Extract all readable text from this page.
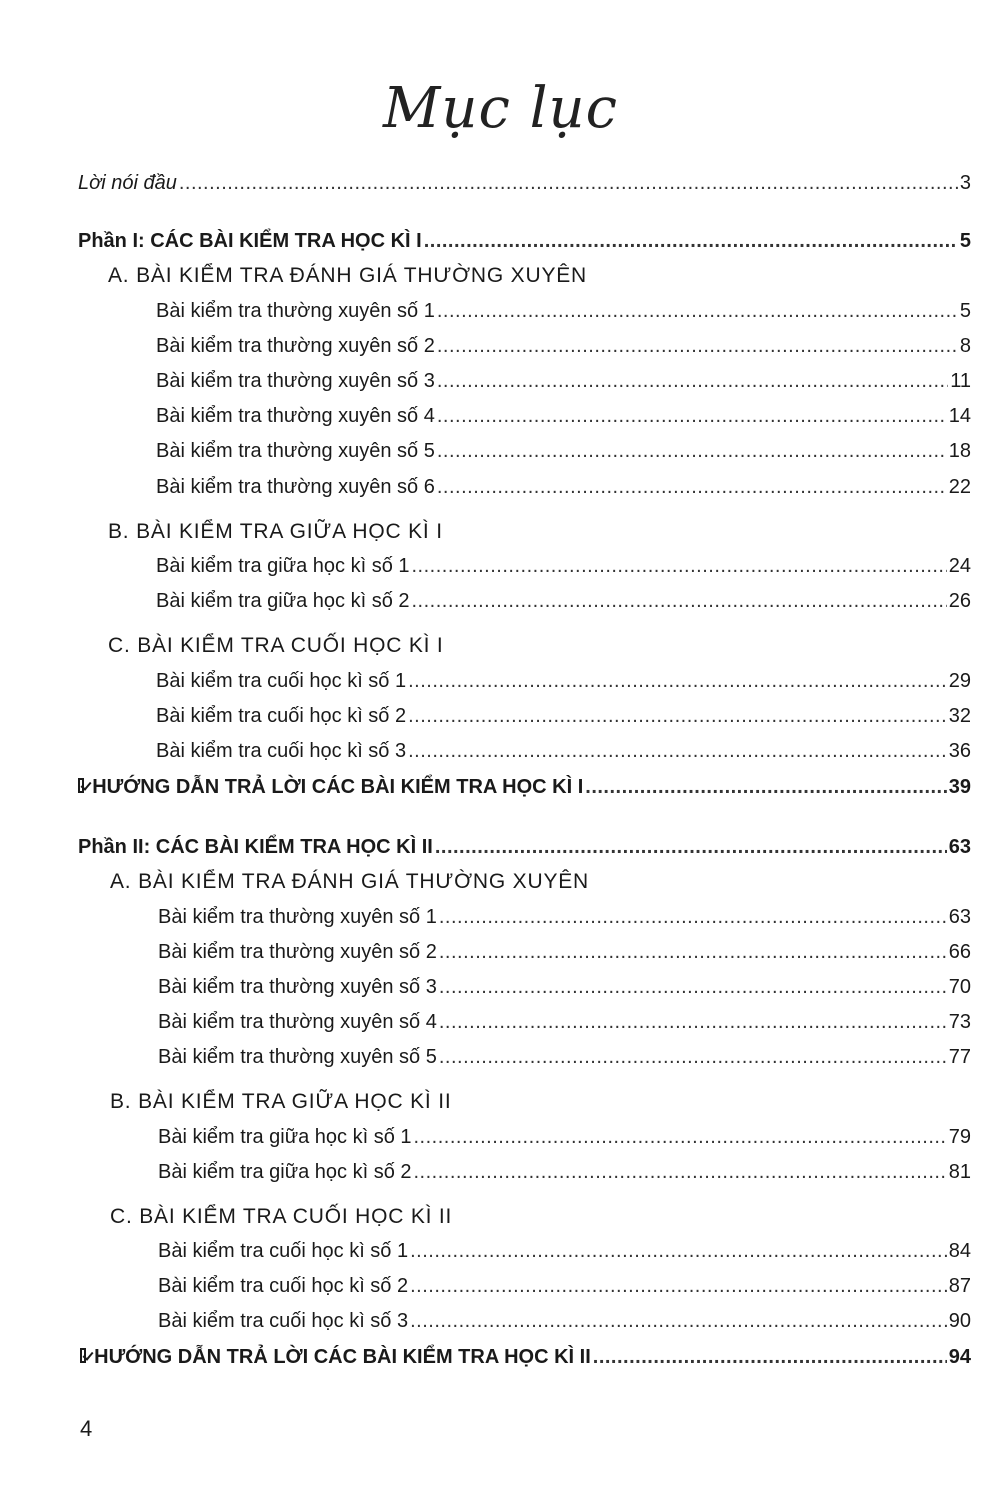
Mục lục
Lời nói đầu .....	3
Phần I: CÁC BÀI KIỂM TRA HỌC KÌ I .....	5
A. BÀI KIỂM TRA ĐÁNH GIÁ THƯỜNG XUYÊN
Bài kiểm tra thường xuyên số 1 .....	5
Bài kiểm tra thường xuyên số 2 .....	8
Bài kiểm tra thường xuyên số 3 .....	11
Bài kiểm tra thường xuyên số 4 .....	14
Bài kiểm tra thường xuyên số 5 .....	18
Bài kiểm tra thường xuyên số 6 .....	22
B. BÀI KIỂM TRA GIỮA HỌC KÌ I
Bài kiểm tra giữa học kì số 1 .....	24
Bài kiểm tra giữa học kì số 2 .....	26
C. BÀI KIỂM TRA CUỐI HỌC KÌ I
Bài kiểm tra cuối học kì số 1 .....	29
Bài kiểm tra cuối học kì số 2 .....	32
Bài kiểm tra cuối học kì số 3 .....	36
HƯỚNG DẪN TRẢ LỜI CÁC BÀI KIỂM TRA HỌC KÌ I .....	39
Phần II: CÁC BÀI KIỂM TRA HỌC KÌ II .....	63
A. BÀI KIỂM TRA ĐÁNH GIÁ THƯỜNG XUYÊN
Bài kiểm tra thường xuyên số 1 .....	63
Bài kiểm tra thường xuyên số 2 .....	66
Bài kiểm tra thường xuyên số 3 .....	70
Bài kiểm tra thường xuyên số 4 .....	73
Bài kiểm tra thường xuyên số 5 .....	77
B. BÀI KIỂM TRA GIỮA HỌC KÌ II
Bài kiểm tra giữa học kì số 1 .....	79
Bài kiểm tra giữa học kì số 2 .....	81
C. BÀI KIỂM TRA CUỐI HỌC KÌ II
Bài kiểm tra cuối học kì số 1 .....	84
Bài kiểm tra cuối học kì số 2 .....	87
Bài kiểm tra cuối học kì số 3 .....	90
HƯỚNG DẪN TRẢ LỜI CÁC BÀI KIỂM TRA HỌC KÌ II .....	94
4
